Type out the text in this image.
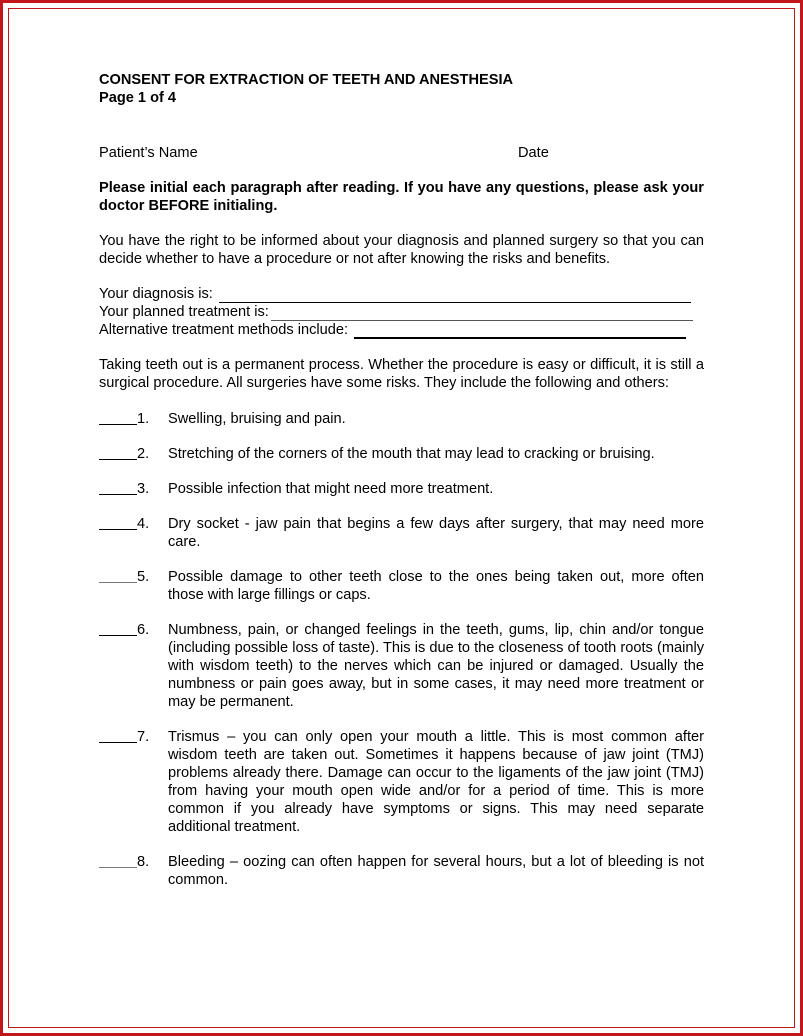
CONSENT FOR EXTRACTION OF TEETH AND ANESTHESIA
Page 1 of 4
Patient’s Name	Date

Please initial each paragraph after reading. If you have any questions, please ask your doctor BEFORE initialing.

You have the right to be informed about your diagnosis and planned surgery so that you can decide whether to have a procedure or not after knowing the risks and benefits.

Your diagnosis is:
Your planned treatment is:
Alternative treatment methods include:

Taking teeth out is a permanent process. Whether the procedure is easy or difficult, it is still a surgical procedure. All surgeries have some risks. They include the following and others:

1.	Swelling, bruising and pain.
2.	Stretching of the corners of the mouth that may lead to cracking or bruising.
3.	Possible infection that might need more treatment.
4.	Dry socket - jaw pain that begins a few days after surgery, that may need more care.
5.	Possible damage to other teeth close to the ones being taken out, more often those with large fillings or caps.
6.	Numbness, pain, or changed feelings in the teeth, gums, lip, chin and/or tongue (including possible loss of taste). This is due to the closeness of tooth roots (mainly with wisdom teeth) to the nerves which can be injured or damaged. Usually the numbness or pain goes away, but in some cases, it may need more treatment or may be permanent.
7.	Trismus – you can only open your mouth a little. This is most common after wisdom teeth are taken out. Sometimes it happens because of jaw joint (TMJ) problems already there. Damage can occur to the ligaments of the jaw joint (TMJ) from having your mouth open wide and/or for a period of time. This is more common if you already have symptoms or signs. This may need separate additional treatment.
8.	Bleeding – oozing can often happen for several hours, but a lot of bleeding is not common.
